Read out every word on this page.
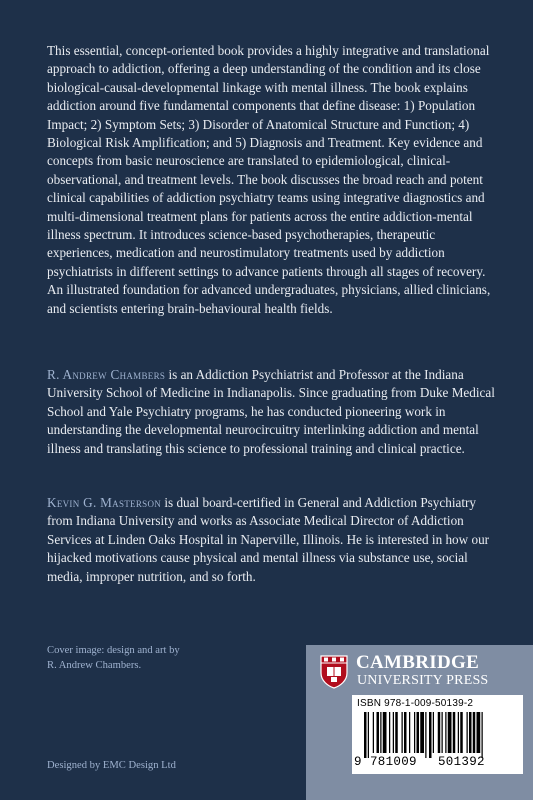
This essential, concept-oriented book provides a highly integrative and translational approach to addiction, offering a deep understanding of the condition and its close biological-causal-developmental linkage with mental illness. The book explains addiction around five fundamental components that define disease: 1) Population Impact; 2) Symptom Sets; 3) Disorder of Anatomical Structure and Function; 4) Biological Risk Amplification; and 5) Diagnosis and Treatment. Key evidence and concepts from basic neuroscience are translated to epidemiological, clinical-observational, and treatment levels. The book discusses the broad reach and potent clinical capabilities of addiction psychiatry teams using integrative diagnostics and multi-dimensional treatment plans for patients across the entire addiction-mental illness spectrum. It introduces science-based psychotherapies, therapeutic experiences, medication and neurostimulatory treatments used by addiction psychiatrists in different settings to advance patients through all stages of recovery. An illustrated foundation for advanced undergraduates, physicians, allied clinicians, and scientists entering brain-behavioural health fields.

R. Andrew Chambers is an Addiction Psychiatrist and Professor at the Indiana University School of Medicine in Indianapolis. Since graduating from Duke Medical School and Yale Psychiatry programs, he has conducted pioneering work in understanding the developmental neurocircuitry interlinking addiction and mental illness and translating this science to professional training and clinical practice.

Kevin G. Masterson is dual board-certified in General and Addiction Psychiatry from Indiana University and works as Associate Medical Director of Addiction Services at Linden Oaks Hospital in Naperville, Illinois. He is interested in how our hijacked motivations cause physical and mental illness via substance use, social media, improper nutrition, and so forth.

Cover image: design and art by
R. Andrew Chambers.
Designed by EMC Design Ltd
CAMBRIDGE
UNIVERSITY PRESS
ISBN 978-1-009-50139-2
9 781009 501392
